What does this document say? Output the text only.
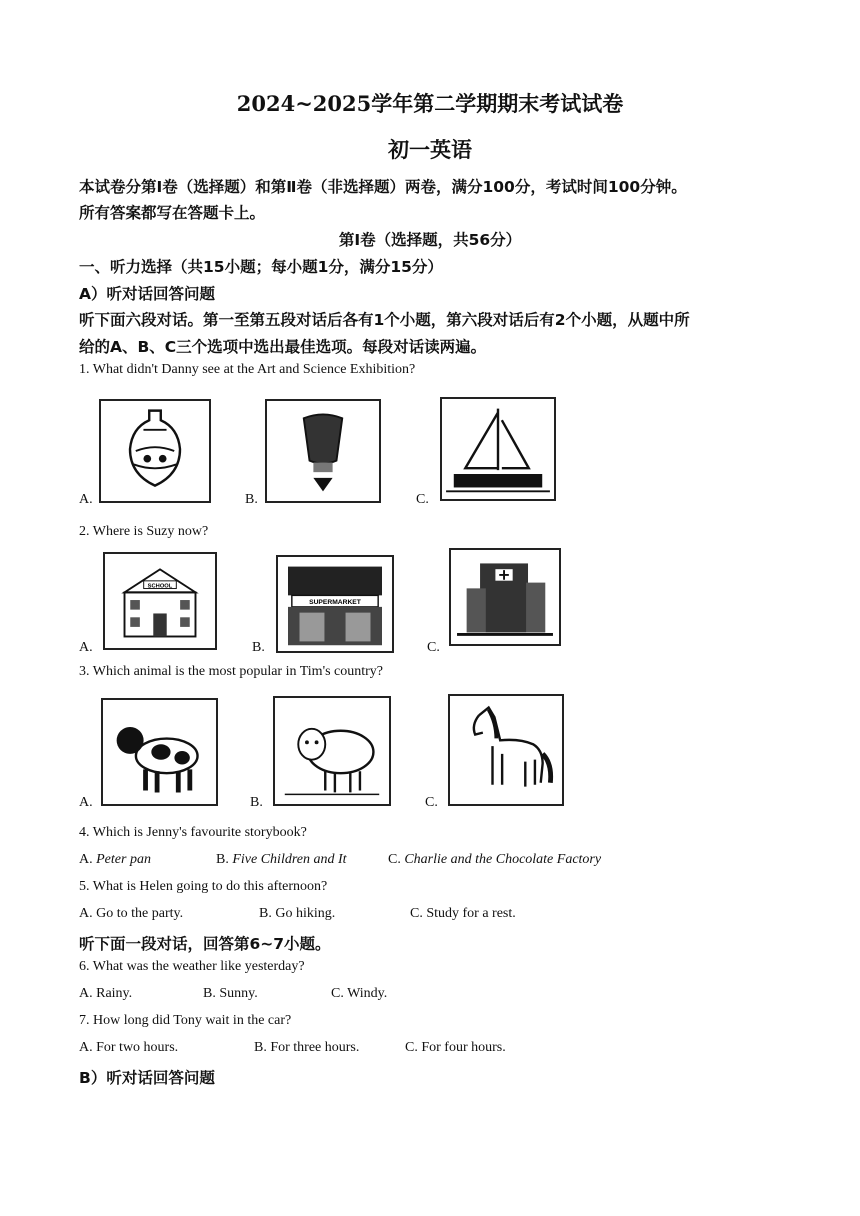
2024~2025学年第二学期期末考试试卷
初一英语
本试卷分第Ⅰ卷（选择题）和第Ⅱ卷（非选择题）两卷，满分100分，考试时间100分钟。
所有答案都写在答题卡上。
第Ⅰ卷（选择题，共56分）
一、听力选择（共15小题；每小题1分，满分15分）
A）听对话回答问题
听下面六段对话。第一至第五段对话后各有1个小题，第六段对话后有2个小题，从题中所
给的A、B、C三个选项中选出最佳选项。每段对话读两遍。
1. What didn't Danny see at the Art and Science Exhibition?
A.	B.	C.
2. Where is Suzy now?
A.	B.	C.
SCHOOL
SUPERMARKET
3. Which animal is the most popular in Tim's country?
A.	B.	C.
4. Which is Jenny's favourite storybook?
A. Peter pan	B. Five Children and It	C. Charlie and the Chocolate Factory
5. What is Helen going to do this afternoon?
A. Go to the party.	B. Go hiking.	C. Study for a rest.
听下面一段对话，回答第6~7小题。
6. What was the weather like yesterday?
A. Rainy.	B. Sunny.	C. Windy.
7. How long did Tony wait in the car?
A. For two hours.	B. For three hours.	C. For four hours.
B）听对话回答问题
